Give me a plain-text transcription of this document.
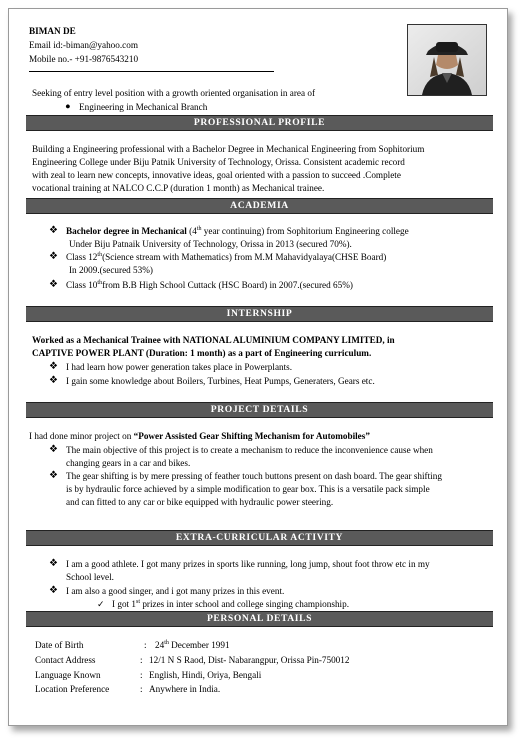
BIMAN DE
Email id:-biman@yahoo.com
Mobile no.- +91-9876543210
Seeking of entry level position with a growth oriented organisation in area of
● Engineering in Mechanical Branch
PROFESSIONAL PROFILE
Building a Engineering professional with a Bachelor Degree in Mechanical Engineering from Sophitorium
Engineering College under Biju Patnik University of Technology, Orissa. Consistent academic record
with zeal to learn new concepts, innovative ideas, goal oriented with a passion to succeed .Complete
vocational training at NALCO C.C.P (duration 1 month) as Mechanical trainee.
ACADEMIA
❖ Bachelor degree in Mechanical (4th year continuing) from Sophitorium Engineering college
Under Biju Patnaik University of Technology, Orissa in 2013 (secured 70%).
❖ Class 12th(Science stream with Mathematics) from M.M Mahavidyalaya(CHSE Board)
In 2009.(secured 53%)
❖ Class 10thfrom B.B High School Cuttack (HSC Board) in 2007.(secured 65%)
INTERNSHIP
Worked as a Mechanical Trainee with NATIONAL ALUMINIUM COMPANY LIMITED, in
CAPTIVE POWER PLANT (Duration: 1 month) as a part of Engineering curriculum.
❖ I had learn how power generation takes place in Powerplants.
❖ I gain some knowledge about Boilers, Turbines, Heat Pumps, Generaters, Gears etc.
PROJECT DETAILS
I had done minor project on “Power Assisted Gear Shifting Mechanism for Automobiles”
❖ The main objective of this project is to create a mechanism to reduce the inconvenience cause when
changing gears in a car and bikes.
❖ The gear shifting is by mere pressing of feather touch buttons present on dash board. The gear shifting
is by hydraulic force achieved by a simple modification to gear box. This is a versatile pack simple
and can fitted to any car or bike equipped with hydraulic power steering.
EXTRA-CURRICULAR ACTIVITY
❖ I am a good athlete. I got many prizes in sports like running, long jump, shout foot throw etc in my
School level.
❖ I am also a good singer, and i got many prizes in this event.
✓ I got 1st prizes in inter school and college singing championship.
PERSONAL DETAILS
Date of Birth	: 24th December 1991
Contact Address	: 12/1 N S Raod, Dist- Nabarangpur, Orissa Pin-750012
Language Known	: English, Hindi, Oriya, Bengali
Location Preference	: Anywhere in India.
